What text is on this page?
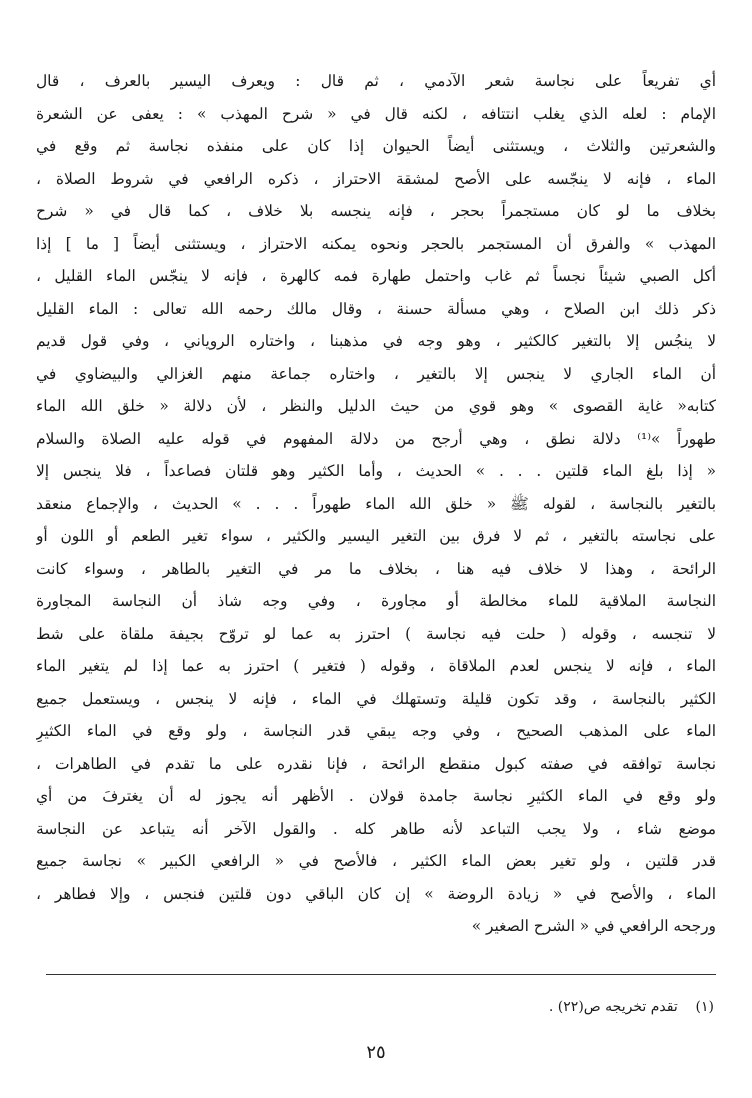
أي تفريعاً على نجاسة شعر الآدمي ، ثم قال : ويعرف اليسير بالعرف ، قال
الإمام : لعله الذي يغلب انتتافه ، لكنه قال في « شرح المهذب » : يعفى عن الشعرة
والشعرتين والثلاث ، ويستثنى أيضاً الحيوان إذا كان على منفذه نجاسة ثم وقع في
الماء ، فإنه لا ينجّسه على الأصح لمشقة الاحتراز ، ذكره الرافعي في شروط الصلاة ،
بخلاف ما لو كان مستجمراً بحجر ، فإنه ينجسه بلا خلاف ، كما قال في « شرح
المهذب » والفرق أن المستجمر بالحجر ونحوه يمكنه الاحتراز ، ويستثنى أيضاً [ ما ] إذا
أكل الصبي شيئاً نجساً ثم غاب واحتمل طهارة فمه كالهرة ، فإنه لا ينجّس الماء القليل ،
ذكر ذلك ابن الصلاح ، وهي مسألة حسنة ، وقال مالك رحمه الله تعالى : الماء القليل
لا ينجُس إلا بالتغير كالكثير ، وهو وجه في مذهبنا ، واختاره الروياني ، وفي قول قديم
أن الماء الجاري لا ينجس إلا بالتغير ، واختاره جماعة منهم الغزالي والبيضاوي في
كتابه« غاية القصوى » وهو قوي من حيث الدليل والنظر ، لأن دلالة « خلق الله الماء
طهوراً »⁽¹⁾ دلالة نطق ، وهي أرجح من دلالة المفهوم في قوله عليه الصلاة والسلام
« إذا بلغ الماء قلتين . . . » الحديث ، وأما الكثير وهو قلتان فصاعداً ، فلا ينجس إلا
بالتغير بالنجاسة ، لقوله ﷺ « خلق الله الماء طهوراً . . . » الحديث ، والإجماع منعقد
على نجاسته بالتغير ، ثم لا فرق بين التغير اليسير والكثير ، سواء تغير الطعم أو اللون أو
الرائحة ، وهذا لا خلاف فيه هنا ، بخلاف ما مر في التغير بالطاهر ، وسواء كانت
النجاسة الملاقية للماء مخالطة أو مجاورة ، وفي وجه شاذ أن النجاسة المجاورة
لا تنجسه ، وقوله ( حلت فيه نجاسة ) احترز به عما لو تروّح بجيفة ملقاة على شط
الماء ، فإنه لا ينجس لعدم الملاقاة ، وقوله ( فتغير ) احترز به عما إذا لم يتغير الماء
الكثير بالنجاسة ، وقد تكون قليلة وتستهلك في الماء ، فإنه لا ينجس ، ويستعمل جميع
الماء على المذهب الصحيح ، وفي وجه يبقي قدر النجاسة ، ولو وقع في الماء الكثيرِ
نجاسة توافقه في صفته كبول منقطع الرائحة ، فإنا نقدره على ما تقدم في الطاهرات ،
ولو وقع في الماء الكثيرِ نجاسة جامدة قولان . الأظهر أنه يجوز له أن يغترفَ من أي
موضع شاء ، ولا يجب التباعد لأنه طاهر كله . والقول الآخر أنه يتباعد عن النجاسة
قدر قلتين ، ولو تغير بعض الماء الكثير ، فالأصح في « الرافعي الكبير » نجاسة جميع
الماء ، والأصح في « زيادة الروضة » إن كان الباقي دون قلتين فنجس ، وإلا فطاهر ،
ورجحه الرافعي في « الشرح الصغير »
(١)    تقدم تخريجه ص(٢٢) .
٢٥
